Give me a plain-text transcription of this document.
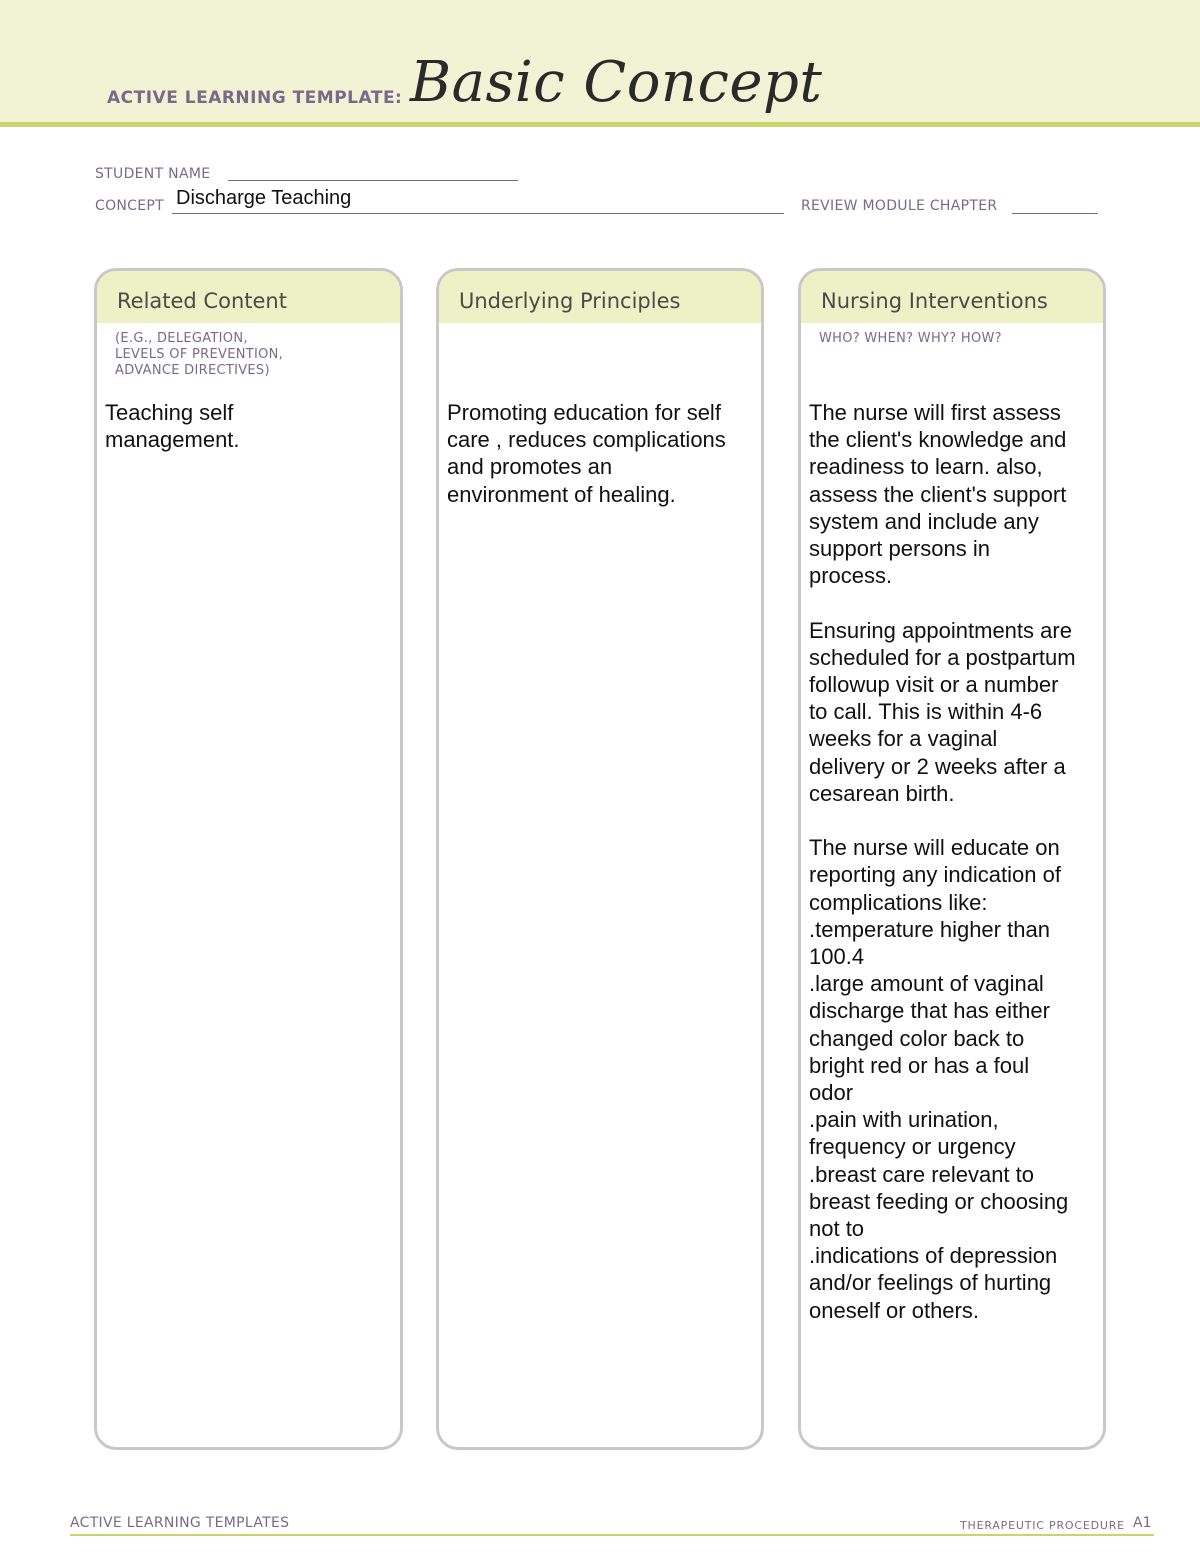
ACTIVE LEARNING TEMPLATE: Basic Concept
STUDENT NAME
CONCEPT Discharge Teaching	REVIEW MODULE CHAPTER
Related Content
(E.G., DELEGATION,
LEVELS OF PREVENTION,
ADVANCE DIRECTIVES)

Teaching self
management.

Underlying Principles

Promoting education for self
care , reduces complications
and promotes an
environment of healing.

Nursing Interventions
WHO? WHEN? WHY? HOW?

The nurse will first assess
the client's knowledge and
readiness to learn. also,
assess the client's support
system and include any
support persons in
process.

Ensuring appointments are
scheduled for a postpartum
followup visit or a number
to call. This is within 4-6
weeks for a vaginal
delivery or 2 weeks after a
cesarean birth.

The nurse will educate on
reporting any indication of
complications like:
.temperature higher than
100.4
.large amount of vaginal
discharge that has either
changed color back to
bright red or has a foul
odor
.pain with urination,
frequency or urgency
.breast care relevant to
breast feeding or choosing
not to
.indications of depression
and/or feelings of hurting
oneself or others.

ACTIVE LEARNING TEMPLATES	THERAPEUTIC PROCEDURE A1
